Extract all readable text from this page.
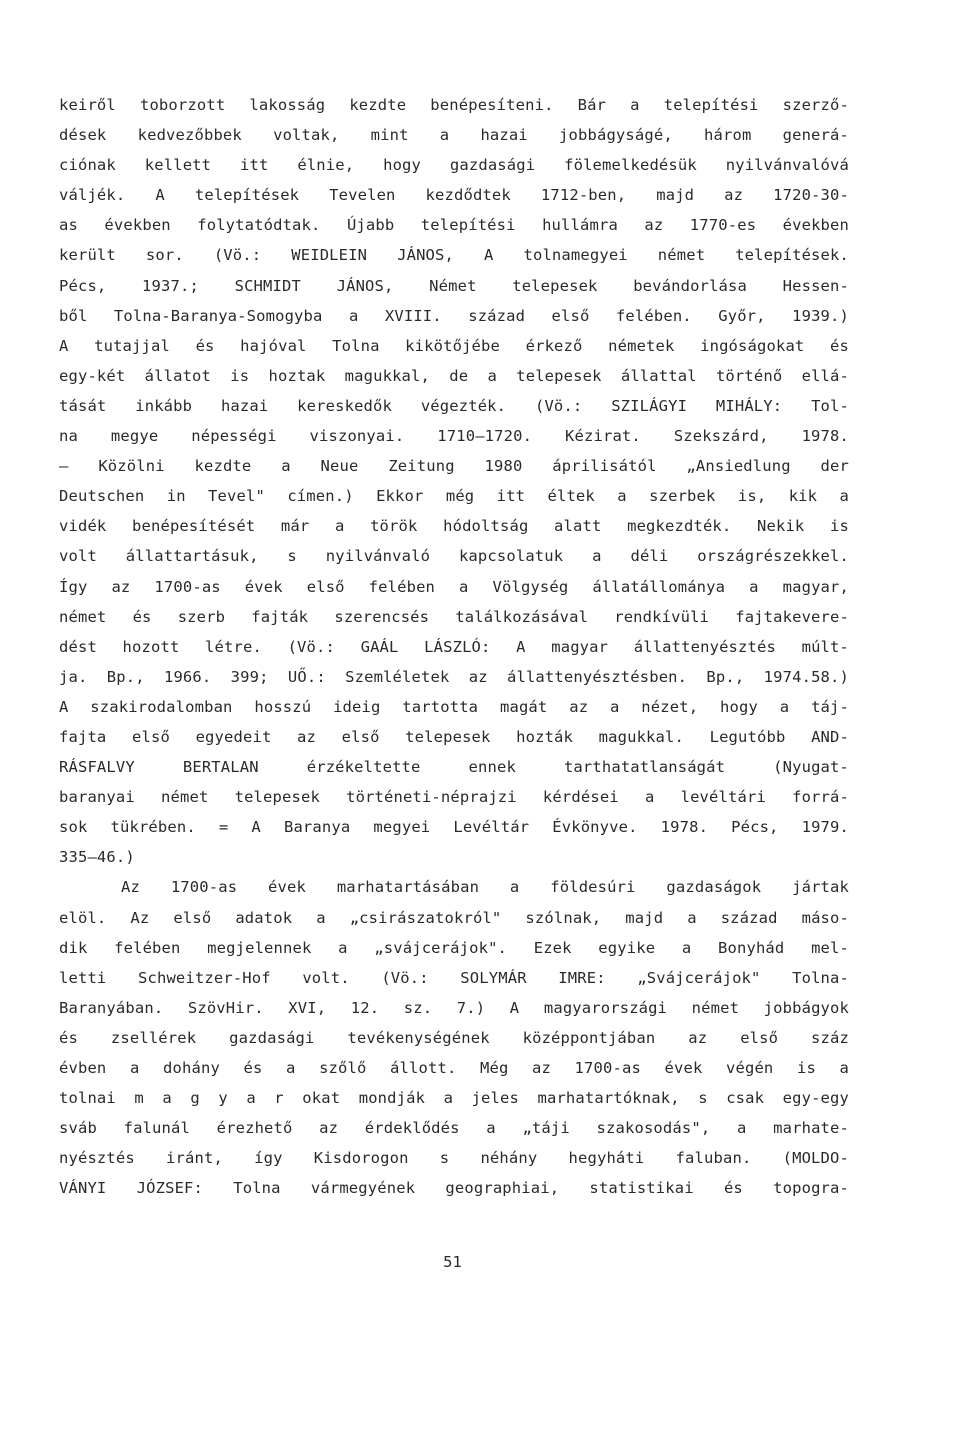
keiről toborzott lakosság kezdte benépesíteni. Bár a telepítési szerző-
dések kedvezőbbek voltak, mint a hazai jobbágyságé, három generá-
ciónak kellett itt élnie, hogy gazdasági fölemelkedésük nyilvánvalóvá
váljék. A telepítések Tevelen kezdődtek 1712-ben, majd az 1720-30-
as években folytatódtak. Újabb telepítési hullámra az 1770-es években
került sor. (Vö.: WEIDLEIN JÁNOS, A tolnamegyei német telepítések.
Pécs, 1937.; SCHMIDT JÁNOS, Német telepesek bevándorlása Hessen-
ből Tolna-Baranya-Somogyba a XVIII. század első felében. Győr, 1939.)
A tutajjal és hajóval Tolna kikötőjébe érkező németek ingóságokat és
egy-két állatot is hoztak magukkal, de a telepesek állattal történő ellá-
tását inkább hazai kereskedők végezték. (Vö.: SZILÁGYI MIHÁLY: Tol-
na megye népességi viszonyai. 1710—1720. Kézirat. Szekszárd, 1978.
— Közölni kezdte a Neue Zeitung 1980 áprilisától „Ansiedlung der
Deutschen in Tevel" címen.) Ekkor még itt éltek a szerbek is, kik a
vidék benépesítését már a török hódoltság alatt megkezdték. Nekik is
volt állattartásuk, s nyilvánvaló kapcsolatuk a déli országrészekkel.
Így az 1700-as évek első felében a Völgység állatállománya a magyar,
német és szerb fajták szerencsés találkozásával rendkívüli fajtakevere-
dést hozott létre. (Vö.: GAÁL LÁSZLÓ: A magyar állattenyésztés múlt-
ja. Bp., 1966. 399; UŐ.: Szemléletek az állattenyésztésben. Bp., 1974.58.)
A szakirodalomban hosszú ideig tartotta magát az a nézet, hogy a táj-
fajta első egyedeit az első telepesek hozták magukkal. Legutóbb AND-
RÁSFALVY BERTALAN érzékeltette ennek tarthatatlanságát (Nyugat-
baranyai német telepesek történeti-néprajzi kérdései a levéltári forrá-
sok tükrében. = A Baranya megyei Levéltár Évkönyve. 1978. Pécs, 1979.
335—46.)
Az 1700-as évek marhatartásában a földesúri gazdaságok jártak
elöl. Az első adatok a „csirászatokról" szólnak, majd a század máso-
dik felében megjelennek a „svájcerájok". Ezek egyike a Bonyhád mel-
letti Schweitzer-Hof volt. (Vö.: SOLYMÁR IMRE: „Svájcerájok" Tolna-
Baranyában. SzövHir. XVI, 12. sz. 7.) A magyarországi német jobbágyok
és zsellérek gazdasági tevékenységének középpontjában az első száz
évben a dohány és a szőlő állott. Még az 1700-as évek végén is a
tolnai m a g y a r okat mondják a jeles marhatartóknak, s csak egy-egy
sváb falunál érezhető az érdeklődés a „táji szakosodás", a marhate-
nyésztés iránt, így Kisdorogon s néhány hegyháti faluban. (MOLDO-
VÁNYI JÓZSEF: Tolna vármegyének geographiai, statistikai és topogra-
51
